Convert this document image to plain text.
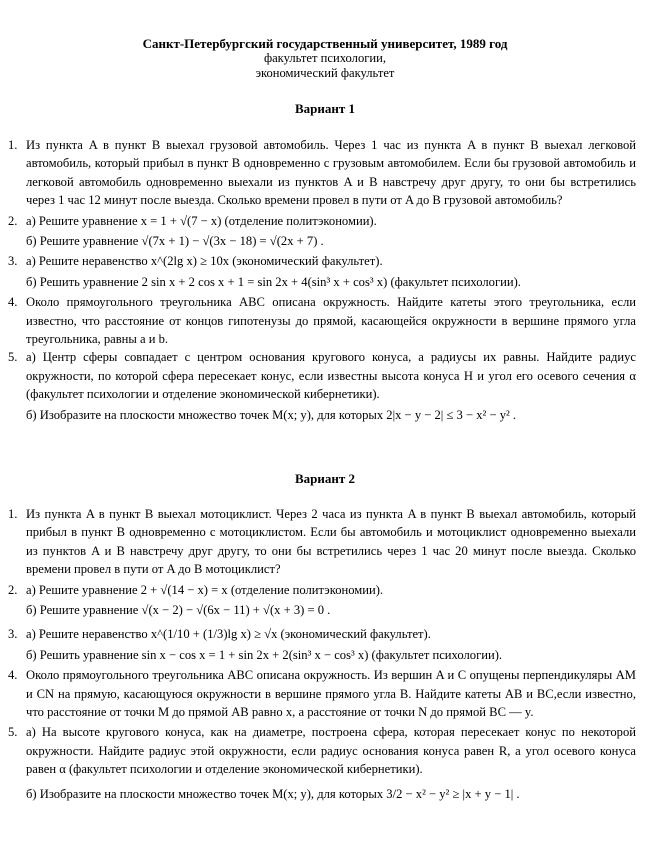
Санкт-Петербургский государственный университет, 1989 год
факультет психологии,
экономический факультет
Вариант 1
1. Из пункта A в пункт B выехал грузовой автомобиль. Через 1 час из пункта A в пункт B выехал легковой автомобиль, который прибыл в пункт B одновременно с грузовым автомобилем. Если бы грузовой автомобиль и легковой автомобиль одновременно выехали из пунктов A и B навстречу друг другу, то они бы встретились через 1 час 12 минут после выезда. Сколько времени провел в пути от A до B грузовой автомобиль?
2. а) Решите уравнение x = 1 + √(7 − x) (отделение политэкономии).
б) Решите уравнение √(7x + 1) − √(3x − 18) = √(2x + 7) .
3. а) Решите неравенство x^(2lg x) ≥ 10x (экономический факультет).
б) Решить уравнение 2 sin x + 2 cos x + 1 = sin 2x + 4(sin³ x + cos³ x) (факультет психологии).
4. Около прямоугольного треугольника ABC описана окружность. Найдите катеты этого треугольника, если известно, что расстояние от концов гипотенузы до прямой, касающейся окружности в вершине прямого угла треугольника, равны a и b.
5. а) Центр сферы совпадает с центром основания кругового конуса, а радиусы их равны. Найдите радиус окружности, по которой сфера пересекает конус, если известны высота конуса H и угол его осевого сечения α (факультет психологии и отделение экономической кибернетики).
б) Изобразите на плоскости множество точек M(x; y), для которых 2|x − y − 2| ≤ 3 − x² − y² .
Вариант 2
1. Из пункта A в пункт B выехал мотоциклист. Через 2 часа из пункта A в пункт B выехал автомобиль, который прибыл в пункт B одновременно с мотоциклистом. Если бы автомобиль и мотоциклист одновременно выехали из пунктов A и B навстречу друг другу, то они бы встретились через 1 час 20 минут после выезда. Сколько времени провел в пути от A до B мотоциклист?
2. а) Решите уравнение 2 + √(14 − x) = x (отделение политэкономии).
б) Решите уравнение √(x − 2) − √(6x − 11) + √(x + 3) = 0 .
3. а) Решите неравенство x^(1/10 + (1/3)lg x) ≥ √x (экономический факультет).
б) Решить уравнение sin x − cos x = 1 + sin 2x + 2(sin³ x − cos³ x) (факультет психологии).
4. Около прямоугольного треугольника ABC описана окружность. Из вершин A и C опущены перпендикуляры AM и CN на прямую, касающуюся окружности в вершине прямого угла B. Найдите катеты AB и BC,если известно, что расстояние от точки M до прямой AB равно x, а расстояние от точки N до прямой BC — y.
5. а) На высоте кругового конуса, как на диаметре, построена сфера, которая пересекает конус по некоторой окружности. Найдите радиус этой окружности, если радиус основания конуса равен R, а угол осевого конуса равен α (факультет психологии и отделение экономической кибернетики).
б) Изобразите на плоскости множество точек M(x; y), для которых 3/2 − x² − y² ≥ |x + y − 1| .
